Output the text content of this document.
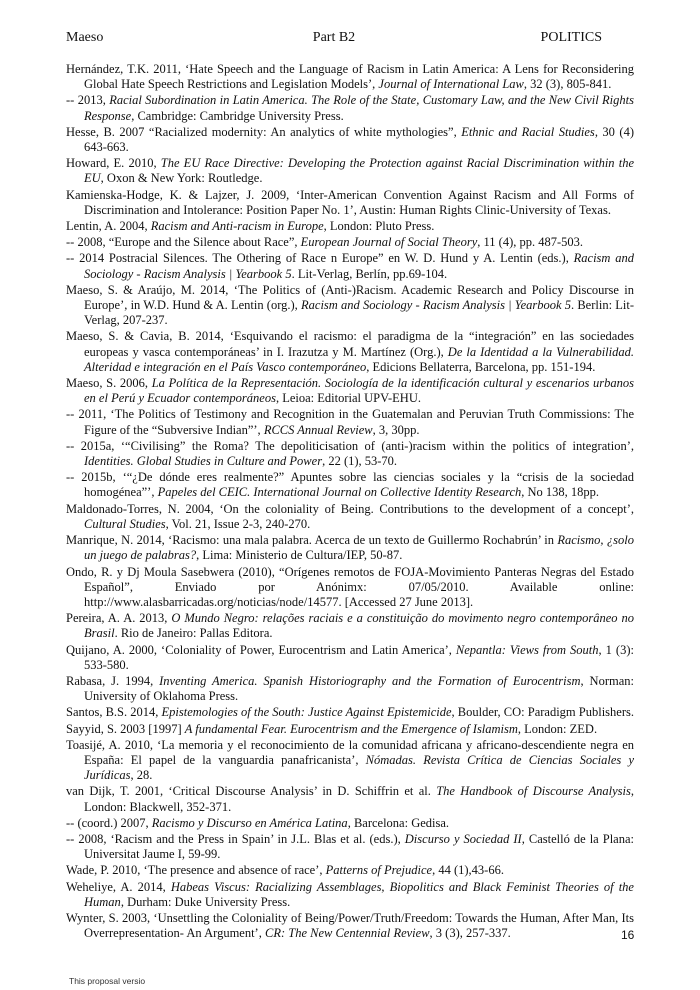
Maeso	Part B2	POLITICS

Hernández, T.K. 2011, ‘Hate Speech and the Language of Racism in Latin America: A Lens for Reconsidering Global Hate Speech Restrictions and Legislation Models’, Journal of International Law, 32 (3), 805-841.

-- 2013, Racial Subordination in Latin America. The Role of the State, Customary Law, and the New Civil Rights Response, Cambridge: Cambridge University Press.

Hesse, B. 2007 “Racialized modernity: An analytics of white mythologies”, Ethnic and Racial Studies, 30 (4) 643-663.

Howard, E. 2010, The EU Race Directive: Developing the Protection against Racial Discrimination within the EU, Oxon & New York: Routledge.

Kamienska-Hodge, K. & Lajzer, J. 2009, ‘Inter-American Convention Against Racism and All Forms of Discrimination and Intolerance: Position Paper No. 1’, Austin: Human Rights Clinic-University of Texas.

Lentin, A. 2004, Racism and Anti-racism in Europe, London: Pluto Press.

-- 2008, “Europe and the Silence about Race”, European Journal of Social Theory, 11 (4), pp. 487-503.

-- 2014 Postracial Silences. The Othering of Race n Europe” en W. D. Hund y A. Lentin (eds.), Racism and Sociology - Racism Analysis | Yearbook 5. Lit-Verlag, Berlín, pp.69-104.

Maeso, S. & Araújo, M. 2014, ‘The Politics of (Anti-)Racism. Academic Research and Policy Discourse in Europe’, in W.D. Hund & A. Lentin (org.), Racism and Sociology - Racism Analysis | Yearbook 5. Berlin: Lit-Verlag, 207-237.

Maeso, S. & Cavia, B. 2014, ‘Esquivando el racismo: el paradigma de la “integración” en las sociedades europeas y vasca contemporáneas’ in I. Irazutza y M. Martínez (Org.), De la Identidad a la Vulnerabilidad. Alteridad e integración en el País Vasco contemporáneo, Edicions Bellaterra, Barcelona, pp. 151-194.

Maeso, S. 2006, La Política de la Representación. Sociología de la identificación cultural y escenarios urbanos en el Perú y Ecuador contemporáneos, Leioa: Editorial UPV-EHU.

-- 2011, ‘The Politics of Testimony and Recognition in the Guatemalan and Peruvian Truth Commissions: The Figure of the “Subversive Indian”’, RCCS Annual Review, 3, 30pp.

-- 2015a, ‘“Civilising” the Roma? The depoliticisation of (anti-)racism within the politics of integration’, Identities. Global Studies in Culture and Power, 22 (1), 53-70.

-- 2015b, ‘“¿De dónde eres realmente?” Apuntes sobre las ciencias sociales y la “crisis de la sociedad homogénea”’, Papeles del CEIC. International Journal on Collective Identity Research, No 138, 18pp.

Maldonado-Torres, N. 2004, ‘On the coloniality of Being. Contributions to the development of a concept’, Cultural Studies, Vol. 21, Issue 2-3, 240-270.

Manrique, N. 2014, ‘Racismo: una mala palabra. Acerca de un texto de Guillermo Rochabrún’ in Racismo, ¿solo un juego de palabras?, Lima: Ministerio de Cultura/IEP, 50-87.

Ondo, R. y Dj Moula Sasebwera (2010), “Orígenes remotos de FOJA-Movimiento Panteras Negras del Estado Español”, Enviado por Anónimx: 07/05/2010. Available online: http://www.alasbarricadas.org/noticias/node/14577. [Accessed 27 June 2013].

Pereira, A. A. 2013, O Mundo Negro: relações raciais e a constituição do movimento negro contemporâneo no Brasil. Rio de Janeiro: Pallas Editora.

Quijano, A. 2000, ‘Coloniality of Power, Eurocentrism and Latin America’, Nepantla: Views from South, 1 (3): 533-580.

Rabasa, J. 1994, Inventing America. Spanish Historiography and the Formation of Eurocentrism, Norman: University of Oklahoma Press.

Santos, B.S. 2014, Epistemologies of the South: Justice Against Epistemicide, Boulder, CO: Paradigm Publishers.

Sayyid, S. 2003 [1997] A fundamental Fear. Eurocentrism and the Emergence of Islamism, London: ZED.

Toasijé, A. 2010, ‘La memoria y el reconocimiento de la comunidad africana y africano-descendiente negra en España: El papel de la vanguardia panafricanista’, Nómadas. Revista Crítica de Ciencias Sociales y Jurídicas, 28.

van Dijk, T. 2001, ‘Critical Discourse Analysis’ in D. Schiffrin et al. The Handbook of Discourse Analysis, London: Blackwell, 352-371.

-- (coord.) 2007, Racismo y Discurso en América Latina, Barcelona: Gedisa.

-- 2008, ‘Racism and the Press in Spain’ in J.L. Blas et al. (eds.), Discurso y Sociedad II, Castelló de la Plana: Universitat Jaume I, 59-99.

Wade, P. 2010, ‘The presence and absence of race’, Patterns of Prejudice, 44 (1),43-66.

Weheliye, A. 2014, Habeas Viscus: Racializing Assemblages, Biopolitics and Black Feminist Theories of the Human, Durham: Duke University Press.

Wynter, S. 2003, ‘Unsettling the Coloniality of Being/Power/Truth/Freedom: Towards the Human, After Man, Its Overrepresentation- An Argument’, CR: The New Centennial Review, 3 (3), 257-337.	16
This proposal versio
